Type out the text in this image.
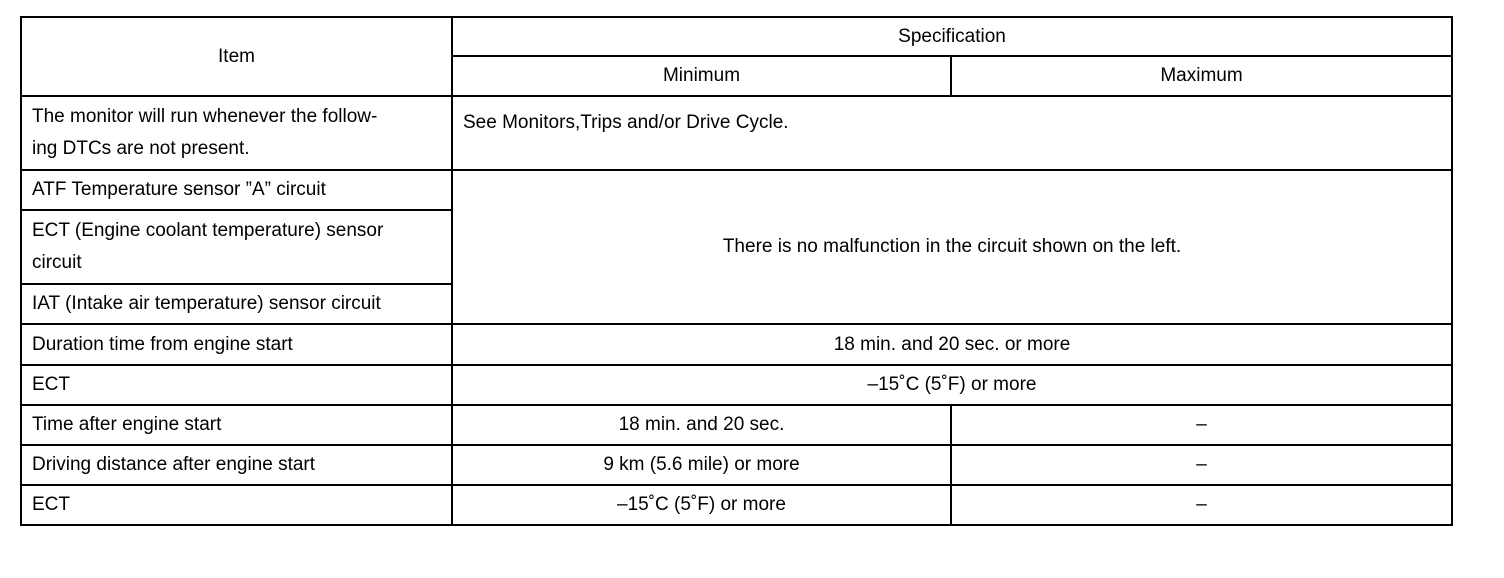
Item	Specification	
	Minimum	Maximum
The monitor will run whenever the follow-
ing DTCs are not present.	See Monitors,Trips and/or Drive Cycle.	
ATF Temperature sensor ”A” circuit	There is no malfunction in the circuit shown on the left.	
ECT (Engine coolant temperature) sensor
circuit		
IAT (Intake air temperature) sensor circuit		
Duration time from engine start	18 min. and 20 sec. or more	
ECT	–15˚C (5˚F) or more	
Time after engine start	18 min. and 20 sec.	–
Driving distance after engine start	9 km (5.6 mile) or more	–
ECT	–15˚C (5˚F) or more	–
